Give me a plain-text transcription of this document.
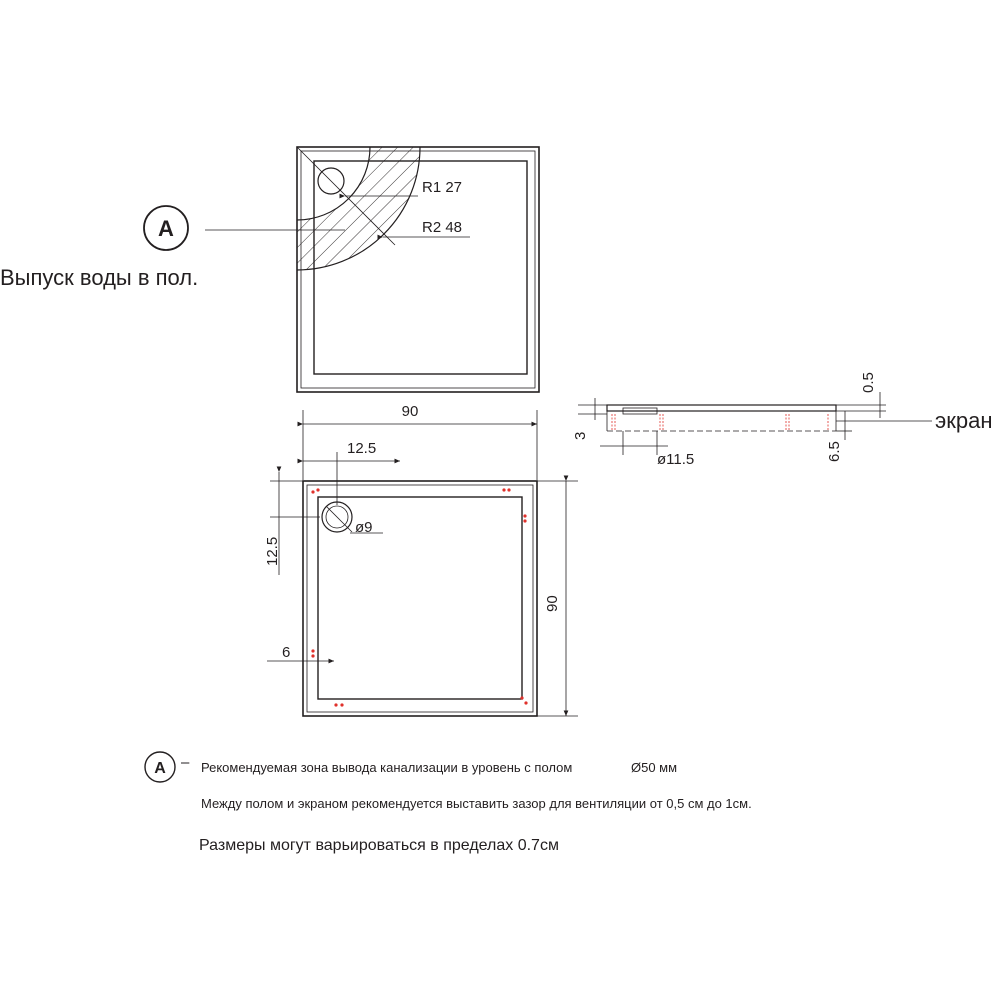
R1 27
R2 48
A
Выпуск воды в пол.
90
12.5
ø9
12.5
6
90
3
ø11.5
0.5
6.5
экран
A – Рекомендуемая зона вывода канализации в уровень с полом	Ø50 мм
Между полом и экраном рекомендуется выставить зазор для вентиляции от 0,5 см до 1см.
Размеры могут варьироваться в пределах 0.7см
